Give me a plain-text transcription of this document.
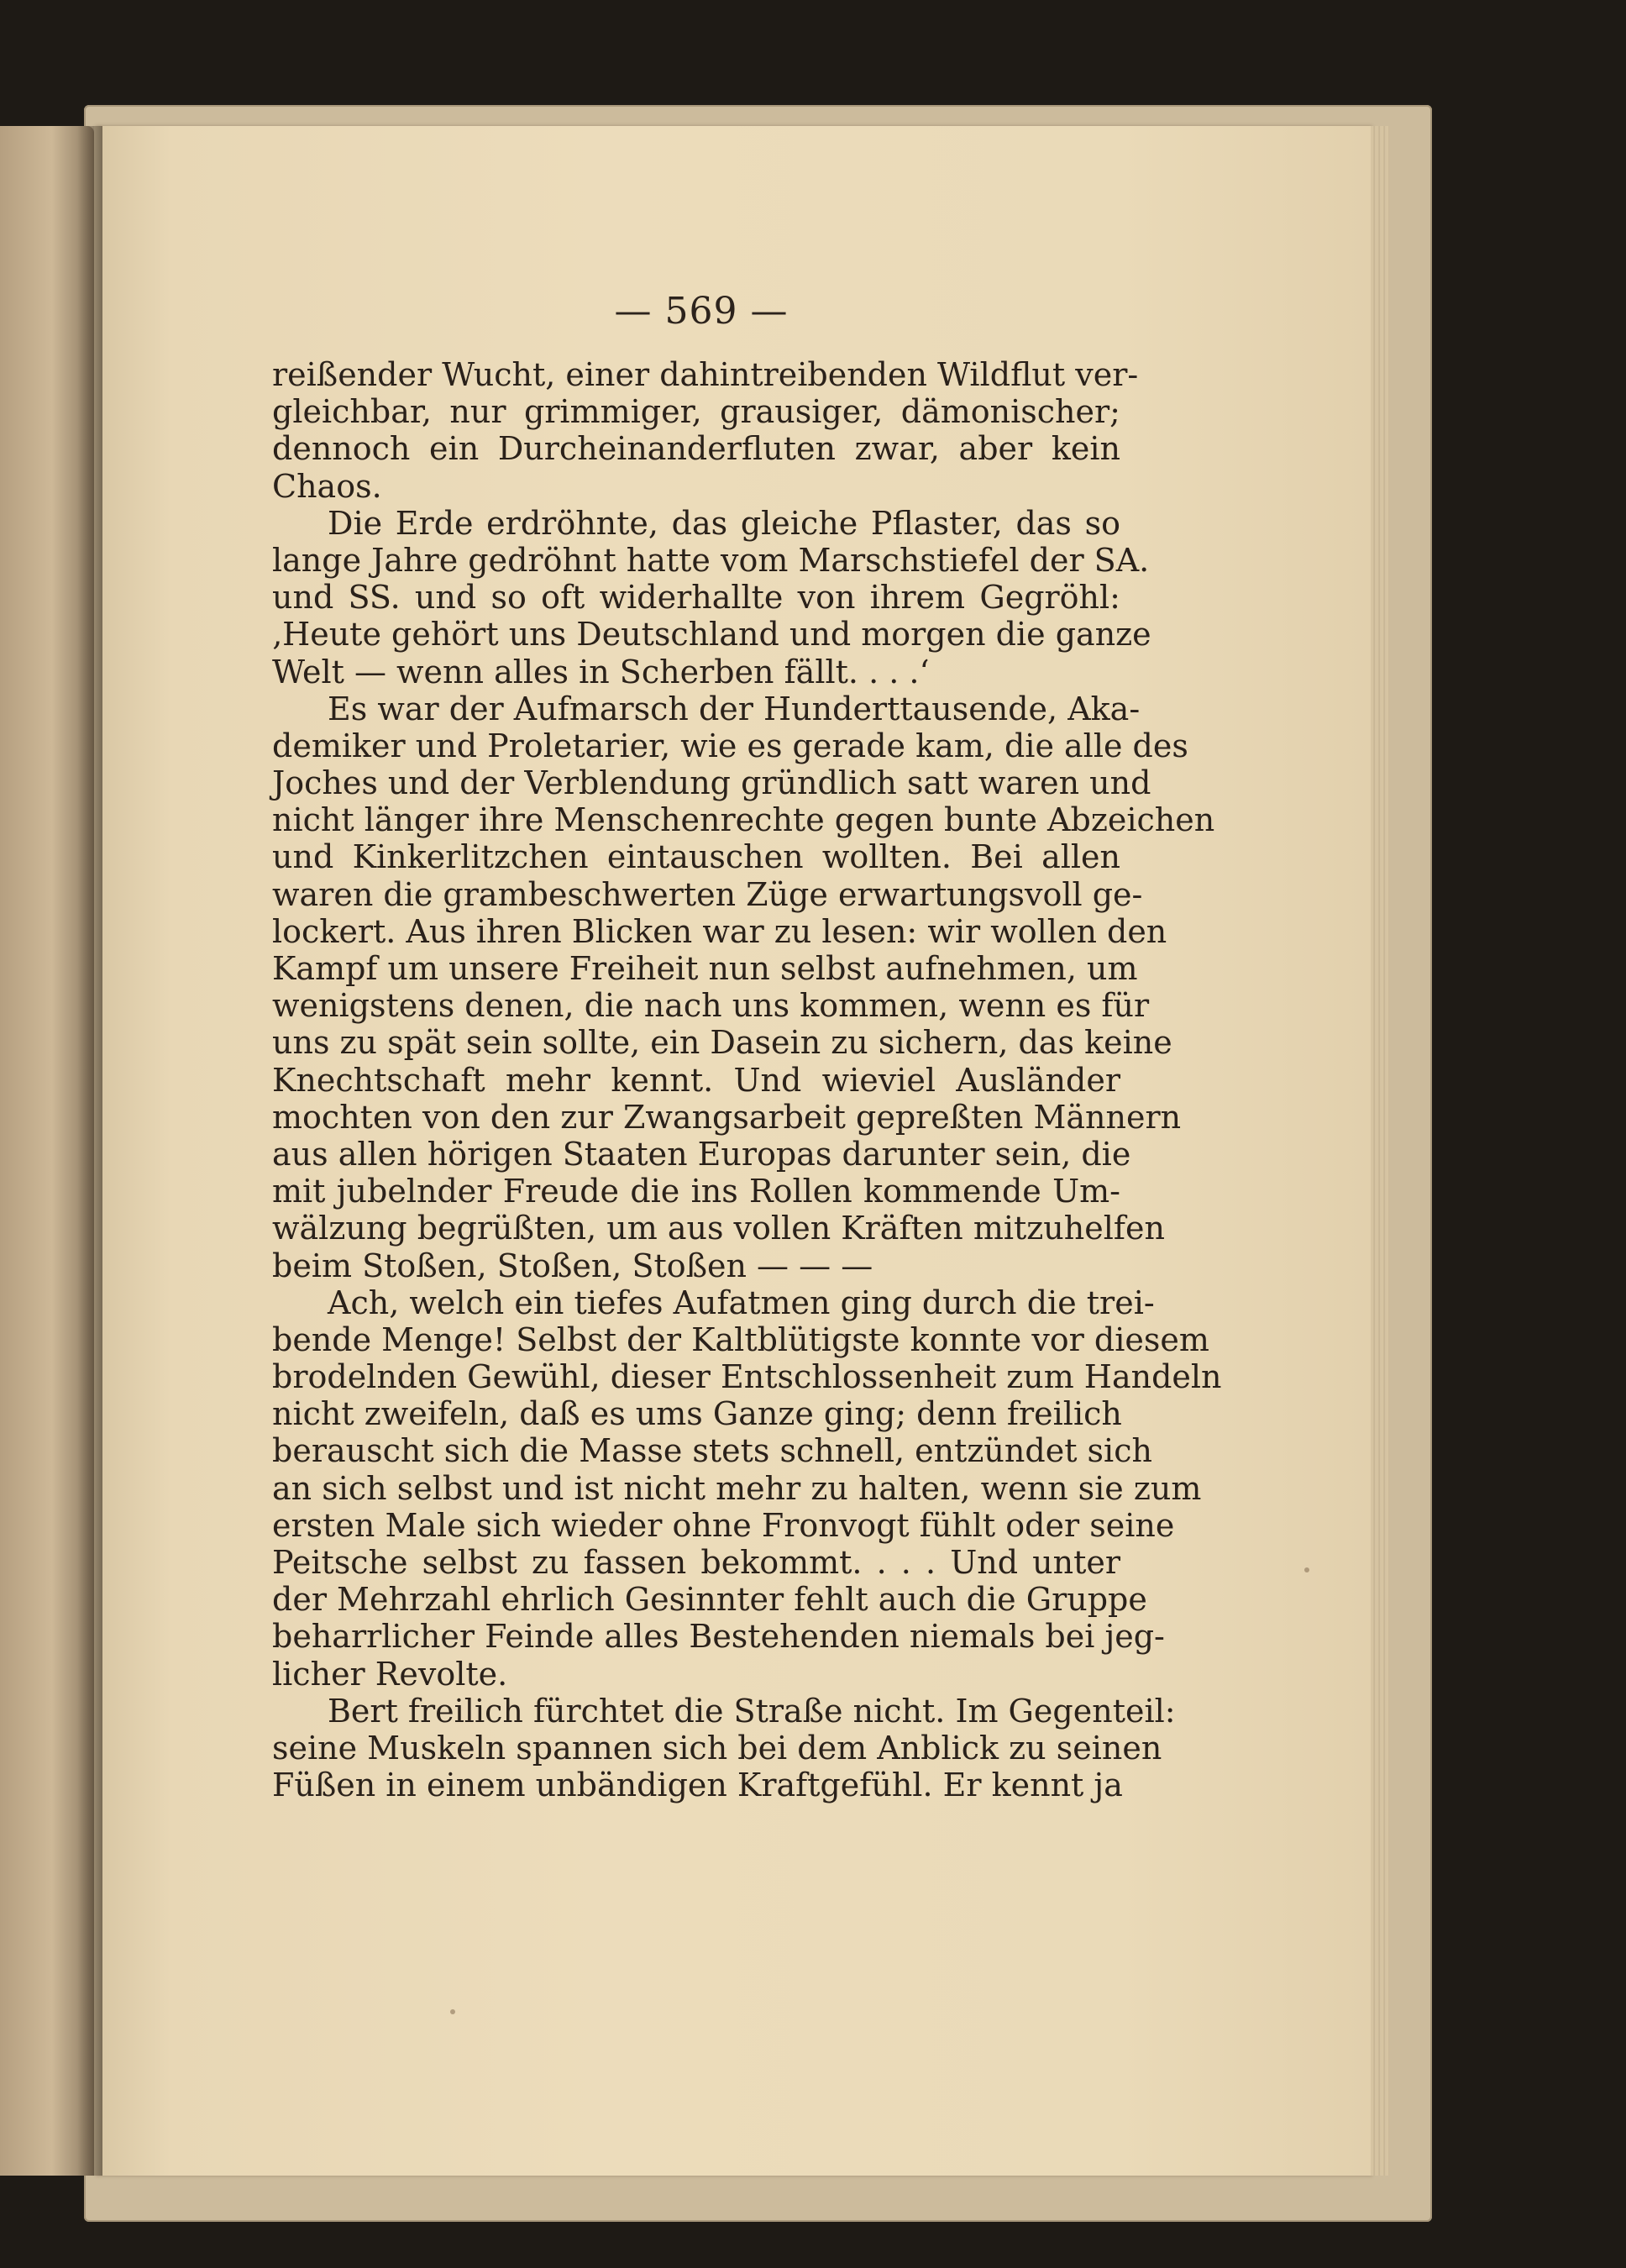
— 569 —
reißender Wucht, einer dahintreibenden Wildflut ver-
gleichbar, nur grimmiger, grausiger, dämonischer;
dennoch ein Durcheinanderfluten zwar, aber kein
Chaos.
Die Erde erdröhnte, das gleiche Pflaster, das so
lange Jahre gedröhnt hatte vom Marschstiefel der SA.
und SS. und so oft widerhallte von ihrem Gegröhl:
‚Heute gehört uns Deutschland und morgen die ganze
Welt — wenn alles in Scherben fällt. . . .‘
Es war der Aufmarsch der Hunderttausende, Aka-
demiker und Proletarier, wie es gerade kam, die alle des
Joches und der Verblendung gründlich satt waren und
nicht länger ihre Menschenrechte gegen bunte Abzeichen
und Kinkerlitzchen eintauschen wollten. Bei allen
waren die grambeschwerten Züge erwartungsvoll ge-
lockert. Aus ihren Blicken war zu lesen: wir wollen den
Kampf um unsere Freiheit nun selbst aufnehmen, um
wenigstens denen, die nach uns kommen, wenn es für
uns zu spät sein sollte, ein Dasein zu sichern, das keine
Knechtschaft mehr kennt. Und wieviel Ausländer
mochten von den zur Zwangsarbeit gepreßten Männern
aus allen hörigen Staaten Europas darunter sein, die
mit jubelnder Freude die ins Rollen kommende Um-
wälzung begrüßten, um aus vollen Kräften mitzuhelfen
beim Stoßen, Stoßen, Stoßen — — —
Ach, welch ein tiefes Aufatmen ging durch die trei-
bende Menge! Selbst der Kaltblütigste konnte vor diesem
brodelnden Gewühl, dieser Entschlossenheit zum Handeln
nicht zweifeln, daß es ums Ganze ging; denn freilich
berauscht sich die Masse stets schnell, entzündet sich
an sich selbst und ist nicht mehr zu halten, wenn sie zum
ersten Male sich wieder ohne Fronvogt fühlt oder seine
Peitsche selbst zu fassen bekommt. . . . Und unter
der Mehrzahl ehrlich Gesinnter fehlt auch die Gruppe
beharrlicher Feinde alles Bestehenden niemals bei jeg-
licher Revolte.
Bert freilich fürchtet die Straße nicht. Im Gegenteil:
seine Muskeln spannen sich bei dem Anblick zu seinen
Füßen in einem unbändigen Kraftgefühl. Er kennt ja
